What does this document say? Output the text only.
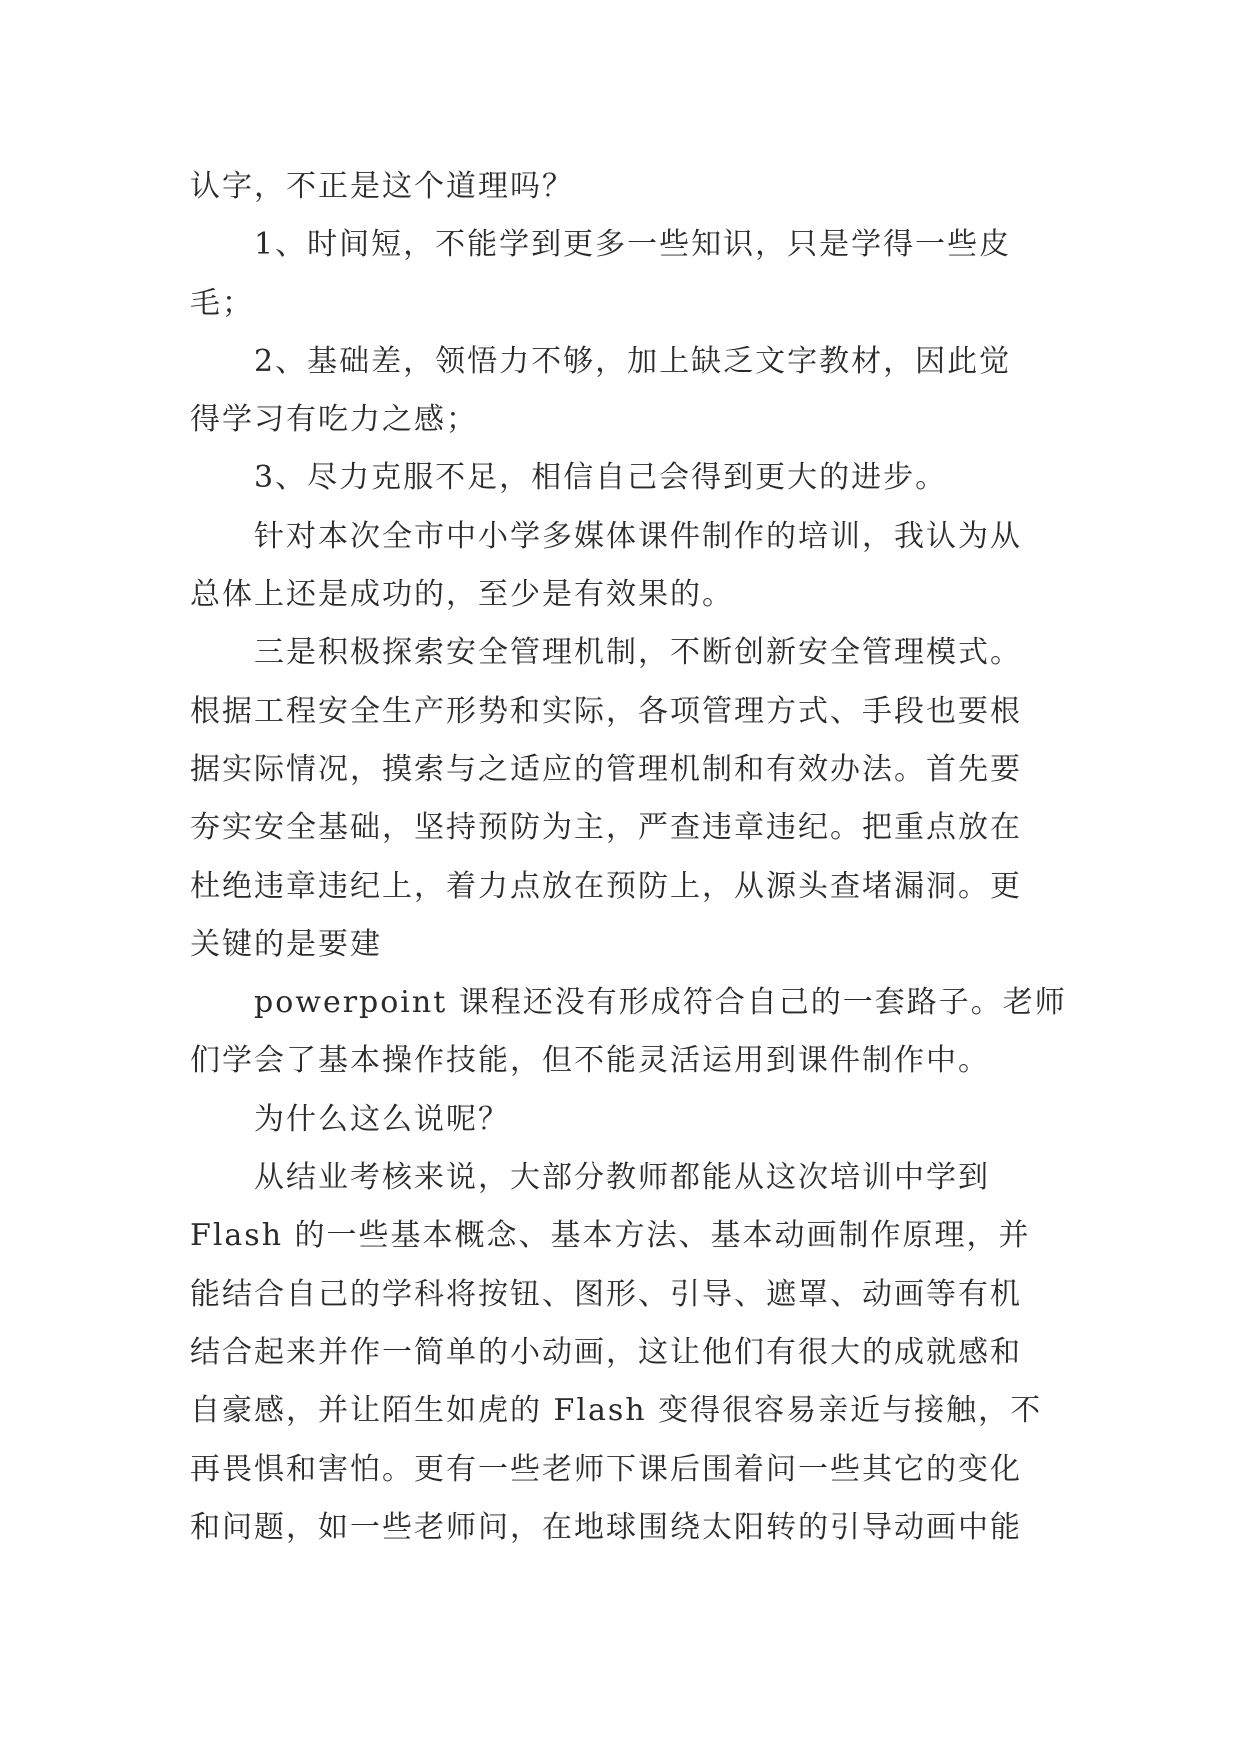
认字，不正是这个道理吗？
1、时间短，不能学到更多一些知识，只是学得一些皮
毛；
2、基础差，领悟力不够，加上缺乏文字教材，因此觉
得学习有吃力之感；
3、尽力克服不足，相信自己会得到更大的进步。
针对本次全市中小学多媒体课件制作的培训，我认为从
总体上还是成功的，至少是有效果的。
三是积极探索安全管理机制，不断创新安全管理模式。
根据工程安全生产形势和实际，各项管理方式、手段也要根
据实际情况，摸索与之适应的管理机制和有效办法。首先要
夯实安全基础，坚持预防为主，严查违章违纪。把重点放在
杜绝违章违纪上，着力点放在预防上，从源头查堵漏洞。更
关键的是要建
powerpoint 课程还没有形成符合自己的一套路子。老师
们学会了基本操作技能，但不能灵活运用到课件制作中。
为什么这么说呢？
从结业考核来说，大部分教师都能从这次培训中学到
Flash 的一些基本概念、基本方法、基本动画制作原理，并
能结合自己的学科将按钮、图形、引导、遮罩、动画等有机
结合起来并作一简单的小动画，这让他们有很大的成就感和
自豪感，并让陌生如虎的 Flash 变得很容易亲近与接触，不
再畏惧和害怕。更有一些老师下课后围着问一些其它的变化
和问题，如一些老师问，在地球围绕太阳转的引导动画中能
